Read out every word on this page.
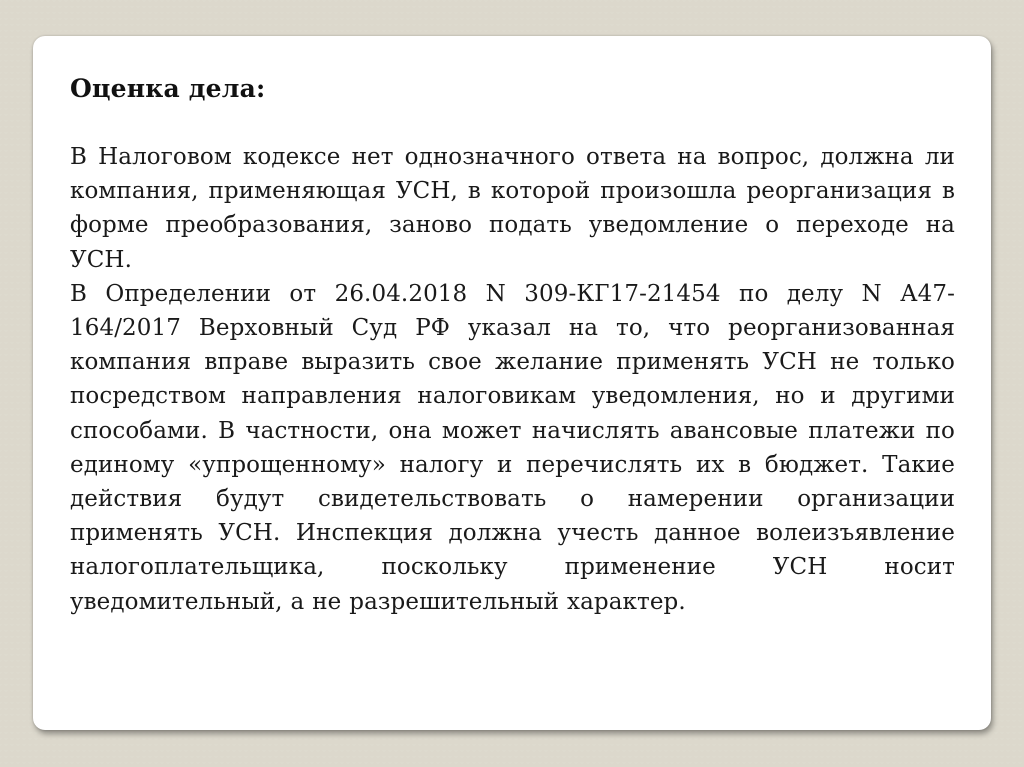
Оценка дела:

В Налоговом кодексе нет однозначного ответа на вопрос, должна ли компания, применяющая УСН, в которой произошла реорганизация в форме преобразования, заново подать уведомление о переходе на УСН.

В Определении от 26.04.2018 N 309-КГ17-21454 по делу N А47-164/2017 Верховный Суд РФ указал на то, что реорганизованная компания вправе выразить свое желание применять УСН не только посредством направления налоговикам уведомления, но и другими способами. В частности, она может начислять авансовые платежи по единому «упрощенному» налогу и перечислять их в бюджет. Такие действия будут свидетельствовать о намерении организации применять УСН. Инспекция должна учесть данное волеизъявление налогоплательщика, поскольку применение УСН носит уведомительный, а не разрешительный характер.
